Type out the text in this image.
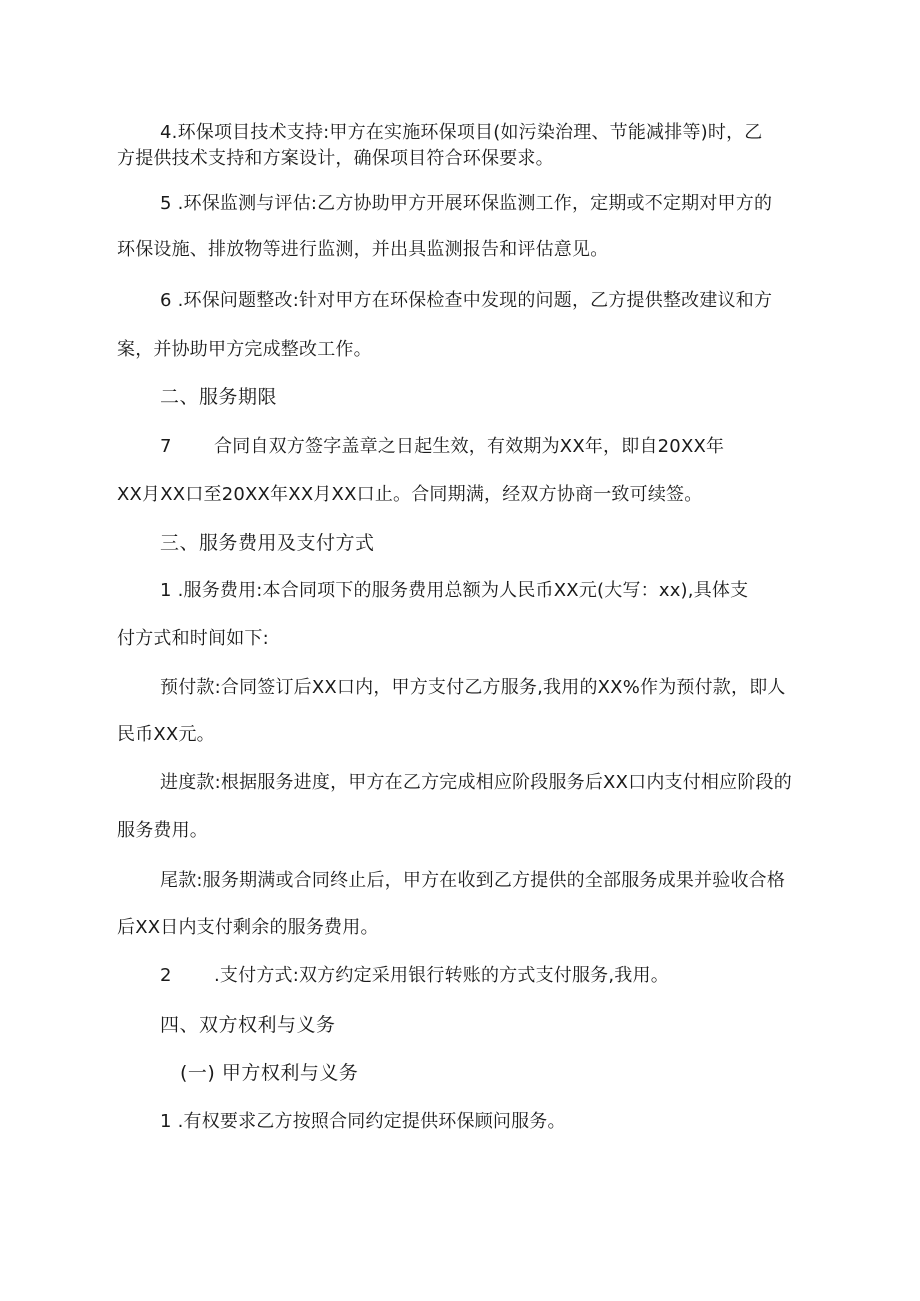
4.环保项目技术支持:甲方在实施环保项目(如污染治理、节能减排等)时，乙
方提供技术支持和方案设计，确保项目符合环保要求。
5 .环保监测与评估:乙方协助甲方开展环保监测工作，定期或不定期对甲方的
环保设施、排放物等进行监测，并出具监测报告和评估意见。
6 .环保问题整改:针对甲方在环保检查中发现的问题，乙方提供整改建议和方
案，并协助甲方完成整改工作。
二、服务期限
7 合同自双方签字盖章之日起生效，有效期为XX年，即自20XX年
XX月XX口至20XX年XX月XX口止。合同期满，经双方协商一致可续签。
三、服务费用及支付方式
1 .服务费用:本合同项下的服务费用总额为人民币XX元(大写：xx),具体支
付方式和时间如下:
预付款:合同签订后XX口内，甲方支付乙方服务,我用的XX%作为预付款，即人
民币XX元。
进度款:根据服务进度，甲方在乙方完成相应阶段服务后XX口内支付相应阶段的
服务费用。
尾款:服务期满或合同终止后，甲方在收到乙方提供的全部服务成果并验收合格
后XX日内支付剩余的服务费用。
2 .支付方式:双方约定采用银行转账的方式支付服务,我用。
四、双方权利与义务
(一) 甲方权利与义务
1 .有权要求乙方按照合同约定提供环保顾问服务。
